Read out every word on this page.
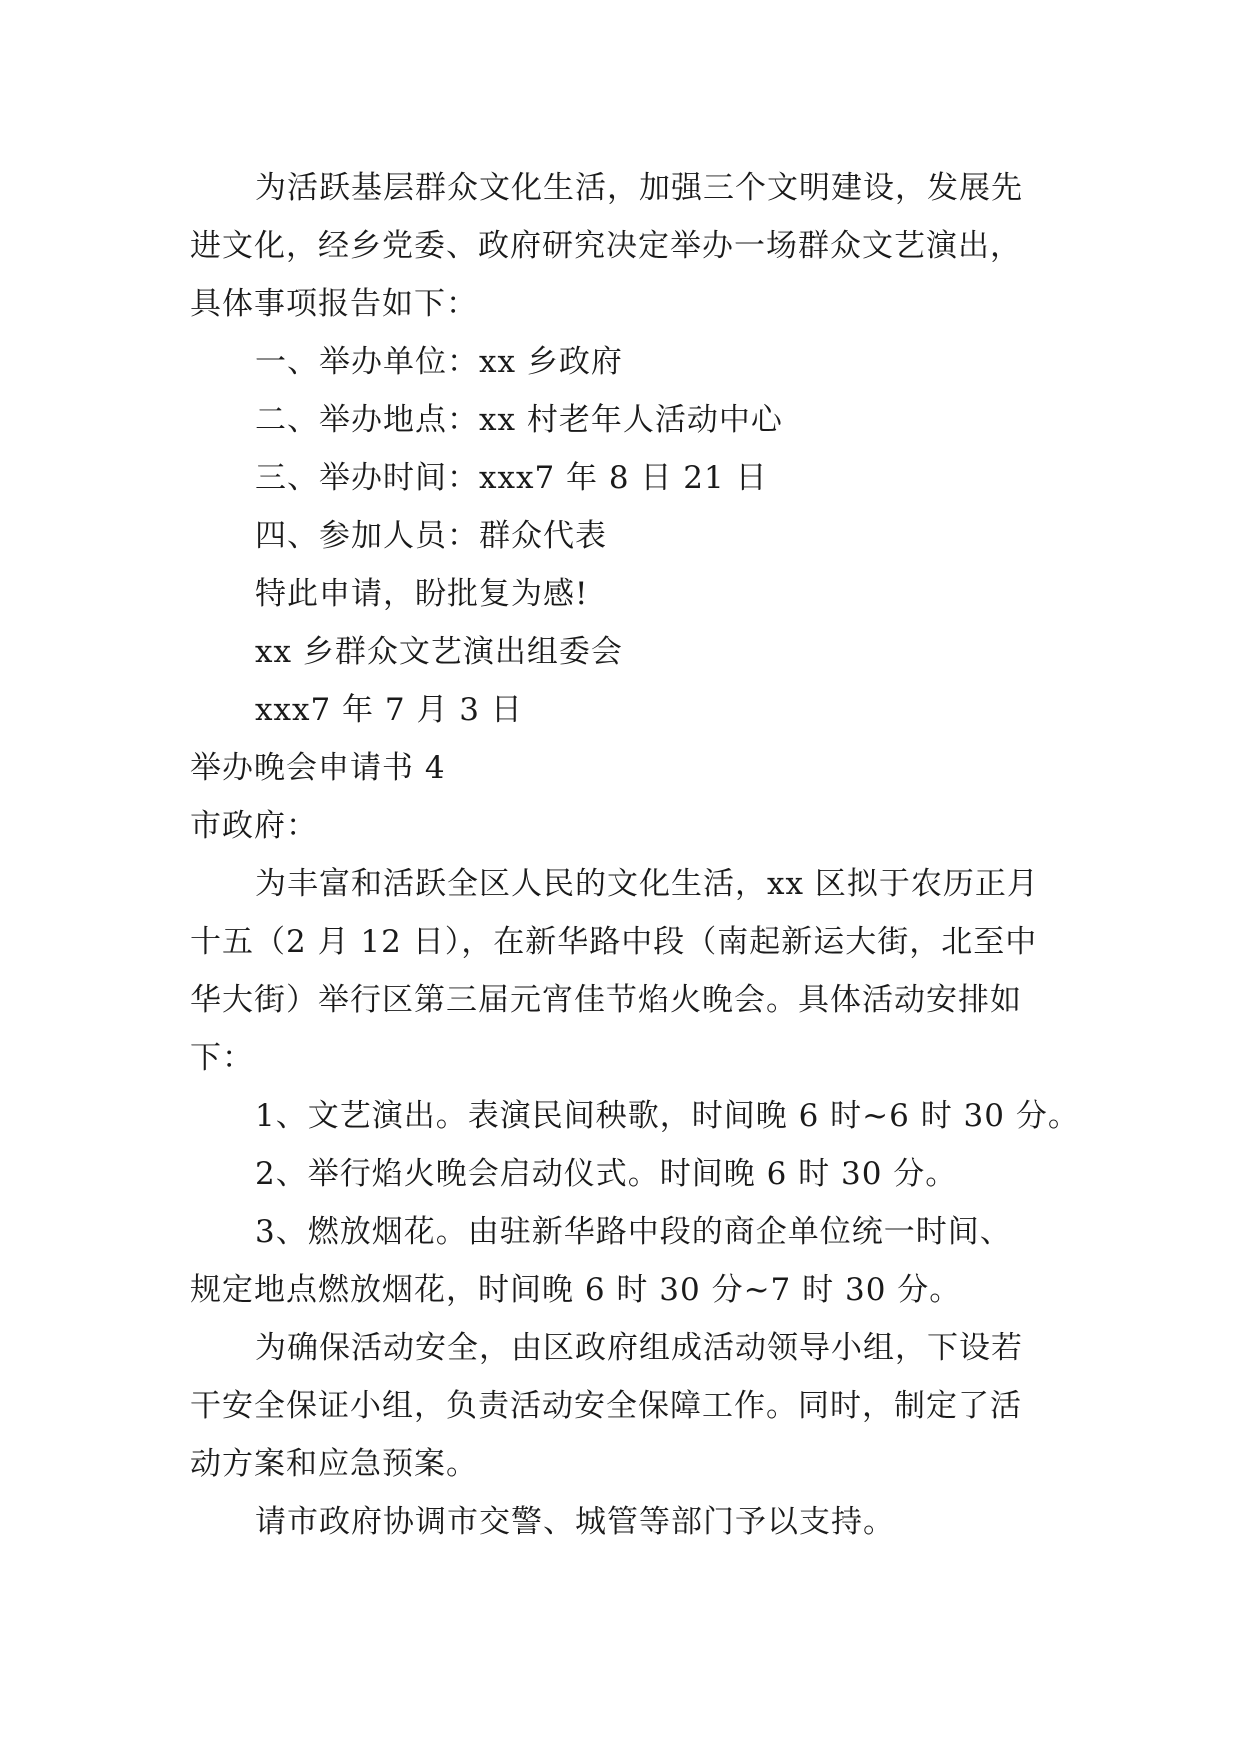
为活跃基层群众文化生活，加强三个文明建设，发展先
进文化，经乡党委、政府研究决定举办一场群众文艺演出，
具体事项报告如下：
一、举办单位：xx 乡政府
二、举办地点：xx 村老年人活动中心
三、举办时间：xxx7 年 8 日 21 日
四、参加人员：群众代表
特此申请，盼批复为感!
xx 乡群众文艺演出组委会
xxx7 年 7 月 3 日
举办晚会申请书 4
市政府：
为丰富和活跃全区人民的文化生活，xx 区拟于农历正月
十五（2 月 12 日），在新华路中段（南起新运大街，北至中
华大街）举行区第三届元宵佳节焰火晚会。具体活动安排如
下：
1、文艺演出。表演民间秧歌，时间晚 6 时~6 时 30 分。
2、举行焰火晚会启动仪式。时间晚 6 时 30 分。
3、燃放烟花。由驻新华路中段的商企单位统一时间、
规定地点燃放烟花，时间晚 6 时 30 分~7 时 30 分。
为确保活动安全，由区政府组成活动领导小组，下设若
干安全保证小组，负责活动安全保障工作。同时，制定了活
动方案和应急预案。
请市政府协调市交警、城管等部门予以支持。
